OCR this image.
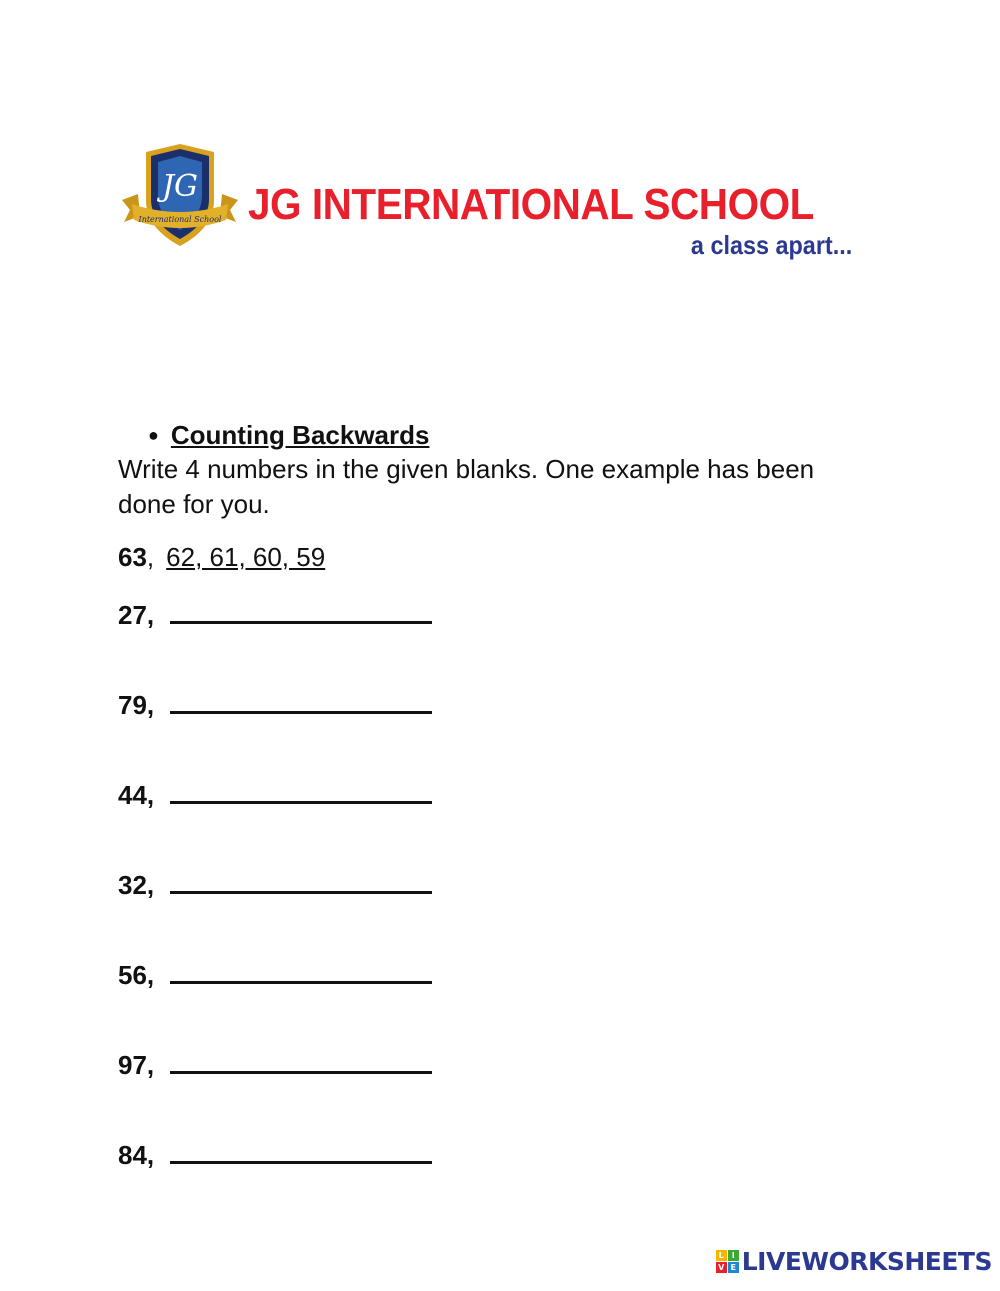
JG
International School JG INTERNATIONAL SCHOOL
a class apart...
● Counting Backwards

Write 4 numbers in the given blanks. One example has been done for you.

63, 62, 61, 60, 59
27,
79,
44,
32,
56,
97,
84,
L I
V E LIVEWORKSHEETS
